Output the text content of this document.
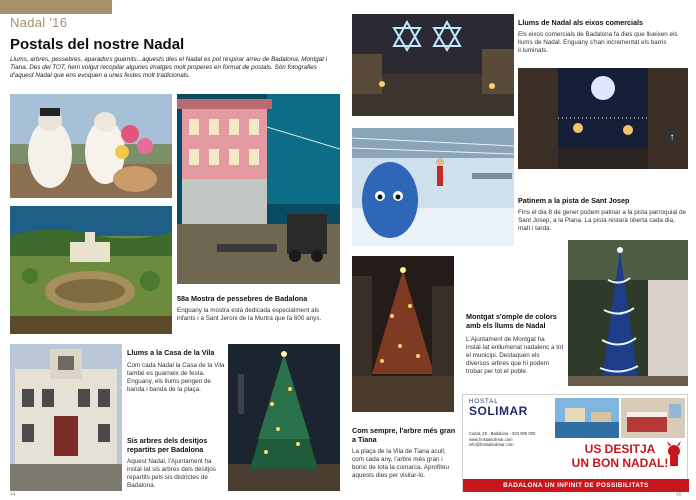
Nadal '16
Postals del nostre Nadal
Llums, arbres, pessebres, aparadors guarnits...aquests dies el Nadal es pot respirar arreu de Badalona, Montgat i Tiana. Des del TOT, hem volgut recopilar algunes imatges molt properes en format de postals. Són fotografies d'aquest Nadal que ens evoquen a unes festes molt tradicionals.
58a Mostra de pessebres de Badalona
Enguany la mostra està dedicada especialment als infants i a Sant Jeroni de la Murtra que fa 600 anys.
Llums a la Casa de la Vila
Com cada Nadal la Casa de la Vila també es guarneix de festa. Enguany, els llums pengen de banda i banda de la plaça.
Sis arbres dels desitjos repartits per Badalona
Aquest Nadal, l'Ajuntament ha instal·lat sis arbres dels desitjos repartits pels sis districtes de Badalona.
44
Llums de Nadal als eixos comercials
Els eixos comercials de Badalona fa dies que llueixen els llums de Nadal. Enguany s'han incrementat els barris il·luminats.
↑
Patinem a la pista de Sant Josep
Fins el dia 8 de gener podem patinar a la pista parroquial de Sant Josep, a la Plana. La pista restarà oberta cada dia, matí i tarda.
Com sempre, l'arbre més gran a Tiana
La plaça de la Vila de Tiana acull, com cada any, l'arbre més gran i bonic de tota la comarca. Aprofiteu aquests dies per visitar-lo.
Montgat s'omple de colors amb els llums de Nadal
L'Ajuntament de Montgat ha instal·lat enllumenat nadalenc a tot el municipi. Destaquen els diversos arbres que hi podem trobar per tot el poble.
HOSTAL
SOLIMAR
Cuitat, 28 - Badalona - 933 995 000
www.hostalsolimar.com
info@hostalsolimar.com	US DESITJA
UN BON NADAL!
BADALONA UN INFINIT DE POSSIBILITATS
45
